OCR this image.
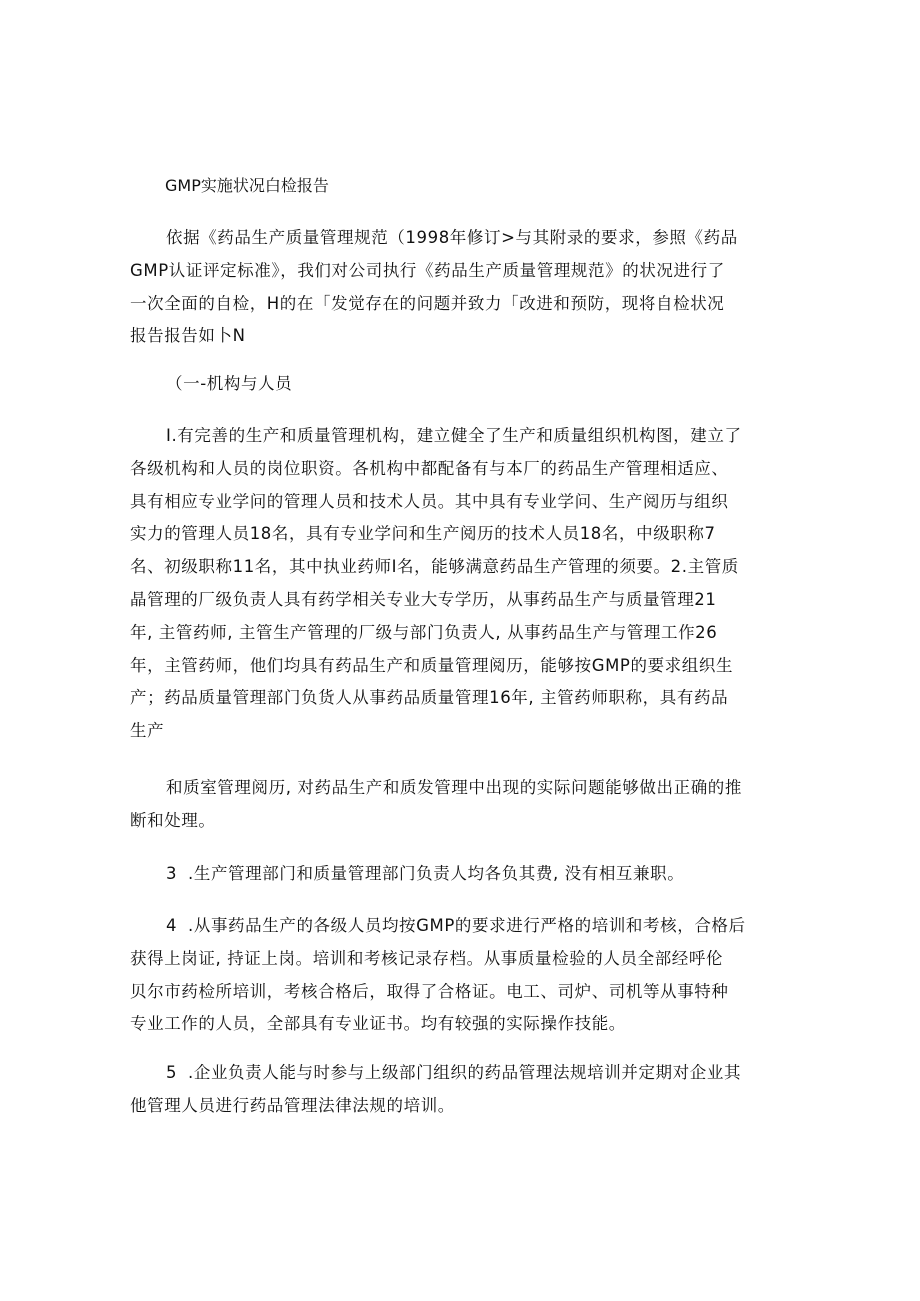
GMP实施状况白检报告
依据《药品生产质量管理规范（1998年修订>与其附录的要求，参照《药品
GMP认证评定标准》，我们对公司执行《药品生产质量管理规范》的状况进行了
一次全面的自检，H的在「发觉存在的问题并致力「改进和预防，现将自检状况
报告报告如卜N
（一-机构与人员
I.有完善的生产和质量管理机构，建立健全了生产和质量组织机构图，建立了
各级机构和人员的岗位职资。各机构中都配备有与本厂的药品生产管理相适应、
具有相应专业学问的管理人员和技术人员。其中具有专业学问、生产阅历与组织
实力的管理人员18名，具有专业学问和生产阅历的技术人员18名，中级职称7
名、初级职称11名，其中执业药师I名，能够满意药品生产管理的须要。2.主管质
晶管理的厂级负责人具有药学相关专业大专学历，从事药品生产与质量管理21
年, 主管药师, 主管生产管理的厂级与部门负责人, 从事药品生产与管理工作26
年，主管药师，他们均具有药品生产和质量管理阅历，能够按GMP的要求组织生
产；药品质量管理部门负货人从事药品质量管理16年, 主管药师职称，具有药品
生产
和质室管理阅历, 对药品生产和质发管理中出现的实际问题能够做出正确的推
断和处理。
3 .生产管理部门和质量管理部门负责人均各负其费, 没有相互兼职。
4 .从事药品生产的各级人员均按GMP的要求进行严格的培训和考核，合格后
获得上岗证, 持证上岗。培训和考核记录存档。从事质量检验的人员全部经呼伦
贝尔市药检所培训，考核合格后，取得了合格证。电工、司炉、司机等从事特种
专业工作的人员，全部具有专业证书。均有较强的实际操作技能。
5 .企业负责人能与时参与上级部门组织的药品管理法规培训并定期对企业其
他管理人员进行药品管理法律法规的培训。
